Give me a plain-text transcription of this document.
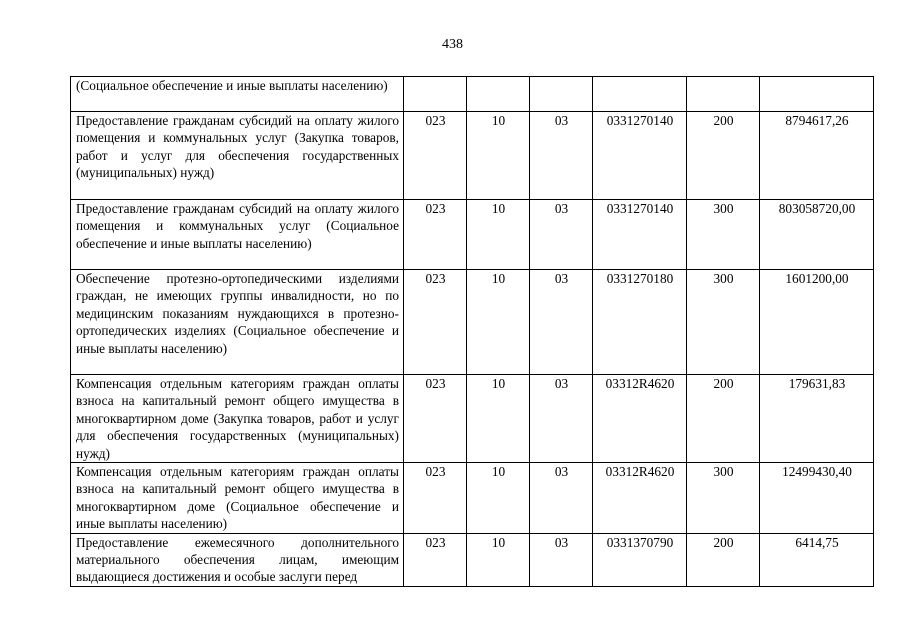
438
(Социальное обеспечение и иные выплаты населению)						
Предоставление гражданам субсидий на оплату жилого помещения и коммунальных услуг (Закупка товаров, работ и услуг для обеспечения государственных (муниципальных) нужд)	023	10	03	0331270140	200	8794617,26
Предоставление гражданам субсидий на оплату жилого помещения и коммунальных услуг (Социальное обеспечение и иные выплаты населению)	023	10	03	0331270140	300	803058720,00
Обеспечение протезно-ортопедическими изделиями граждан, не имеющих группы инвалидности, но по медицинским показаниям нуждающихся в протезно-ортопедических изделиях (Социальное обеспечение и иные выплаты населению)	023	10	03	0331270180	300	1601200,00
Компенсация отдельным категориям граждан оплаты взноса на капитальный ремонт общего имущества в многоквартирном доме (Закупка товаров, работ и услуг для обеспечения государственных (муниципальных) нужд)	023	10	03	03312R4620	200	179631,83
Компенсация отдельным категориям граждан оплаты взноса на капитальный ремонт общего имущества в многоквартирном доме (Социальное обеспечение и иные выплаты населению)	023	10	03	03312R4620	300	12499430,40
Предоставление ежемесячного дополнительного материального обеспечения лицам, имеющим выдающиеся достижения и особые заслуги перед	023	10	03	0331370790	200	6414,75
